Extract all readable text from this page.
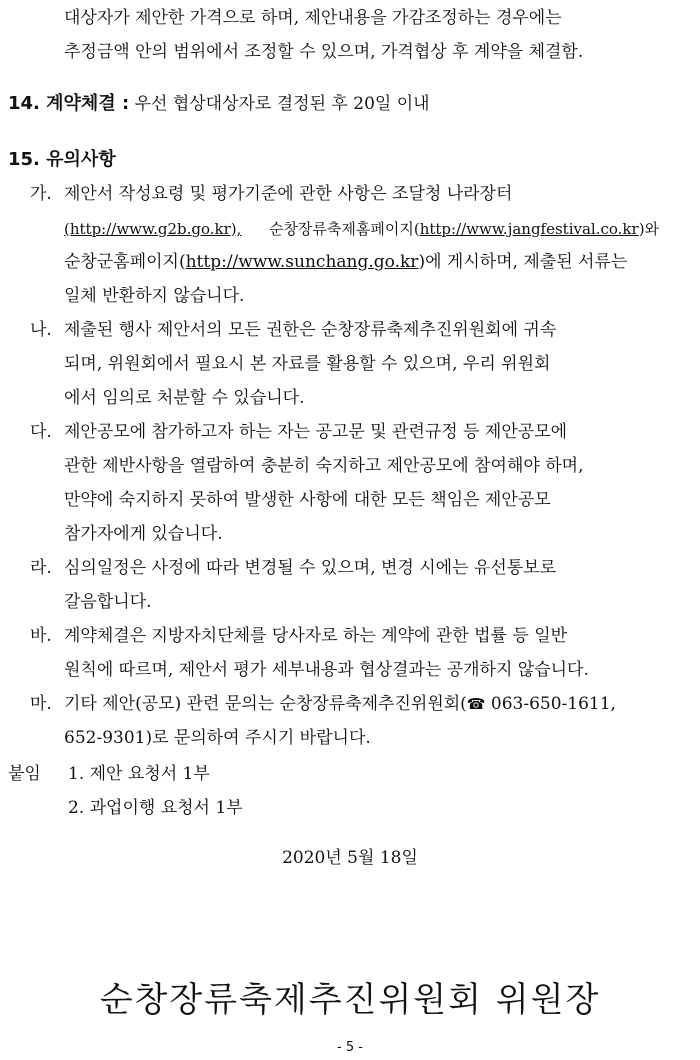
대상자가 제안한 가격으로 하며, 제안내용을 가감조정하는 경우에는
추정금액 안의 범위에서 조정할 수 있으며, 가격협상 후 계약을 체결함.
14. 계약체결 : 우선 협상대상자로 결정된 후 20일 이내
15. 유의사항
가. 제안서 작성요령 및 평가기준에 관한 사항은 조달청 나라장터
(http://www.g2b.go.kr), 순창장류축제홈페이지(http://www.jangfestival.co.kr)와
순창군홈페이지(http://www.sunchang.go.kr)에 게시하며, 제출된 서류는
일체 반환하지 않습니다.
나. 제출된 행사 제안서의 모든 권한은 순창장류축제추진위원회에 귀속
되며, 위원회에서 필요시 본 자료를 활용할 수 있으며, 우리 위원회
에서 임의로 처분할 수 있습니다.
다. 제안공모에 참가하고자 하는 자는 공고문 및 관련규정 등 제안공모에
관한 제반사항을 열람하여 충분히 숙지하고 제안공모에 참여해야 하며,
만약에 숙지하지 못하여 발생한 사항에 대한 모든 책임은 제안공모
참가자에게 있습니다.
라. 심의일정은 사정에 따라 변경될 수 있으며, 변경 시에는 유선통보로
갈음합니다.
바. 계약체결은 지방자치단체를 당사자로 하는 계약에 관한 법률 등 일반
원칙에 따르며, 제안서 평가 세부내용과 협상결과는 공개하지 않습니다.
마. 기타 제안(공모) 관련 문의는 순창장류축제추진위원회(☎ 063-650-1611,
652-9301)로 문의하여 주시기 바랍니다.
붙임 1. 제안 요청서 1부
2. 과업이행 요청서 1부
2020년 5월 18일
순창장류축제추진위원회 위원장
- 5 -
